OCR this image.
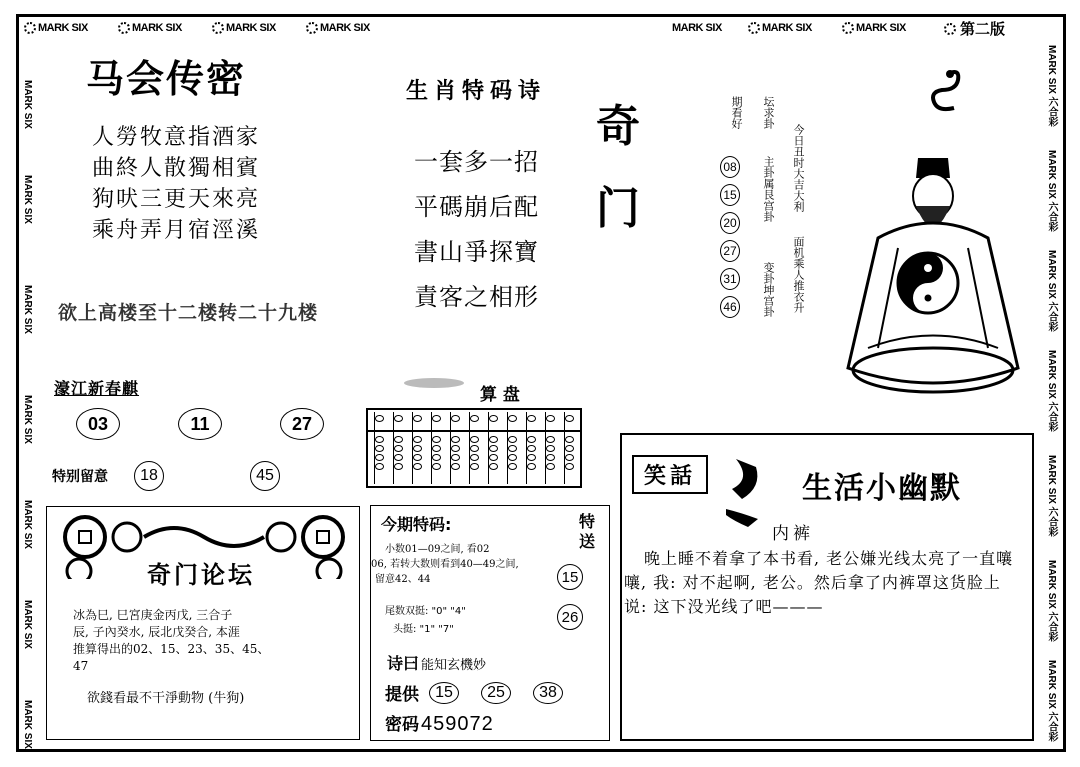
MARK SIX	MARK SIX	MARK SIX	MARK SIX	MARK SIX	MARK SIX	MARK SIX	第二版
MARK SIX
MARK SIX
MARK SIX
MARK SIX
MARK SIX
MARK SIX
MARK SIX
MARK SIX 六合彩
MARK SIX 六合彩
MARK SIX 六合彩
MARK SIX 六合彩
MARK SIX 六合彩
MARK SIX 六合彩
MARK SIX 六合彩
马会传密
人勞牧意指酒家
曲終人散獨相賓
狗吠三更天來亮
乘舟弄月宿涇溪
欲上高楼至十二楼转二十九楼
濠江新春麒
03	11	27
特别留意	18	45
奇门论坛
冰為巳, 巳宮庚金丙戊, 三合子
辰, 子內癸水, 辰北戊癸合, 本涯
推算得出的02、15、23、35、45、
47
欲錢看最不干淨動物 (牛狗)
生肖特码诗
一套多一招
平碼崩后配
書山爭探寶
責客之相形
算 盘
今期特码:	特送
小数01—09之间, 看02
06, 若转大数则看到40—49之间,
留意42、44	15
26
尾数双挺: "0" "4"
头挺: "1" "7"
诗曰 能知玄機妙
提供	15	25	38
密码 459072
奇门
期看好 坛求卦
08
15
20
27
31
46
主卦属艮宫卦
变卦坤宫卦
今日丑时大吉大利
面机乘人推衣升
笑話	生活小幽默
内裤
晚上睡不着拿了本书看, 老公嫌光线太亮了一直嚷嚷, 我: 对不起啊, 老公。然后拿了内裤罩这货脸上说: 这下没光线了吧———
